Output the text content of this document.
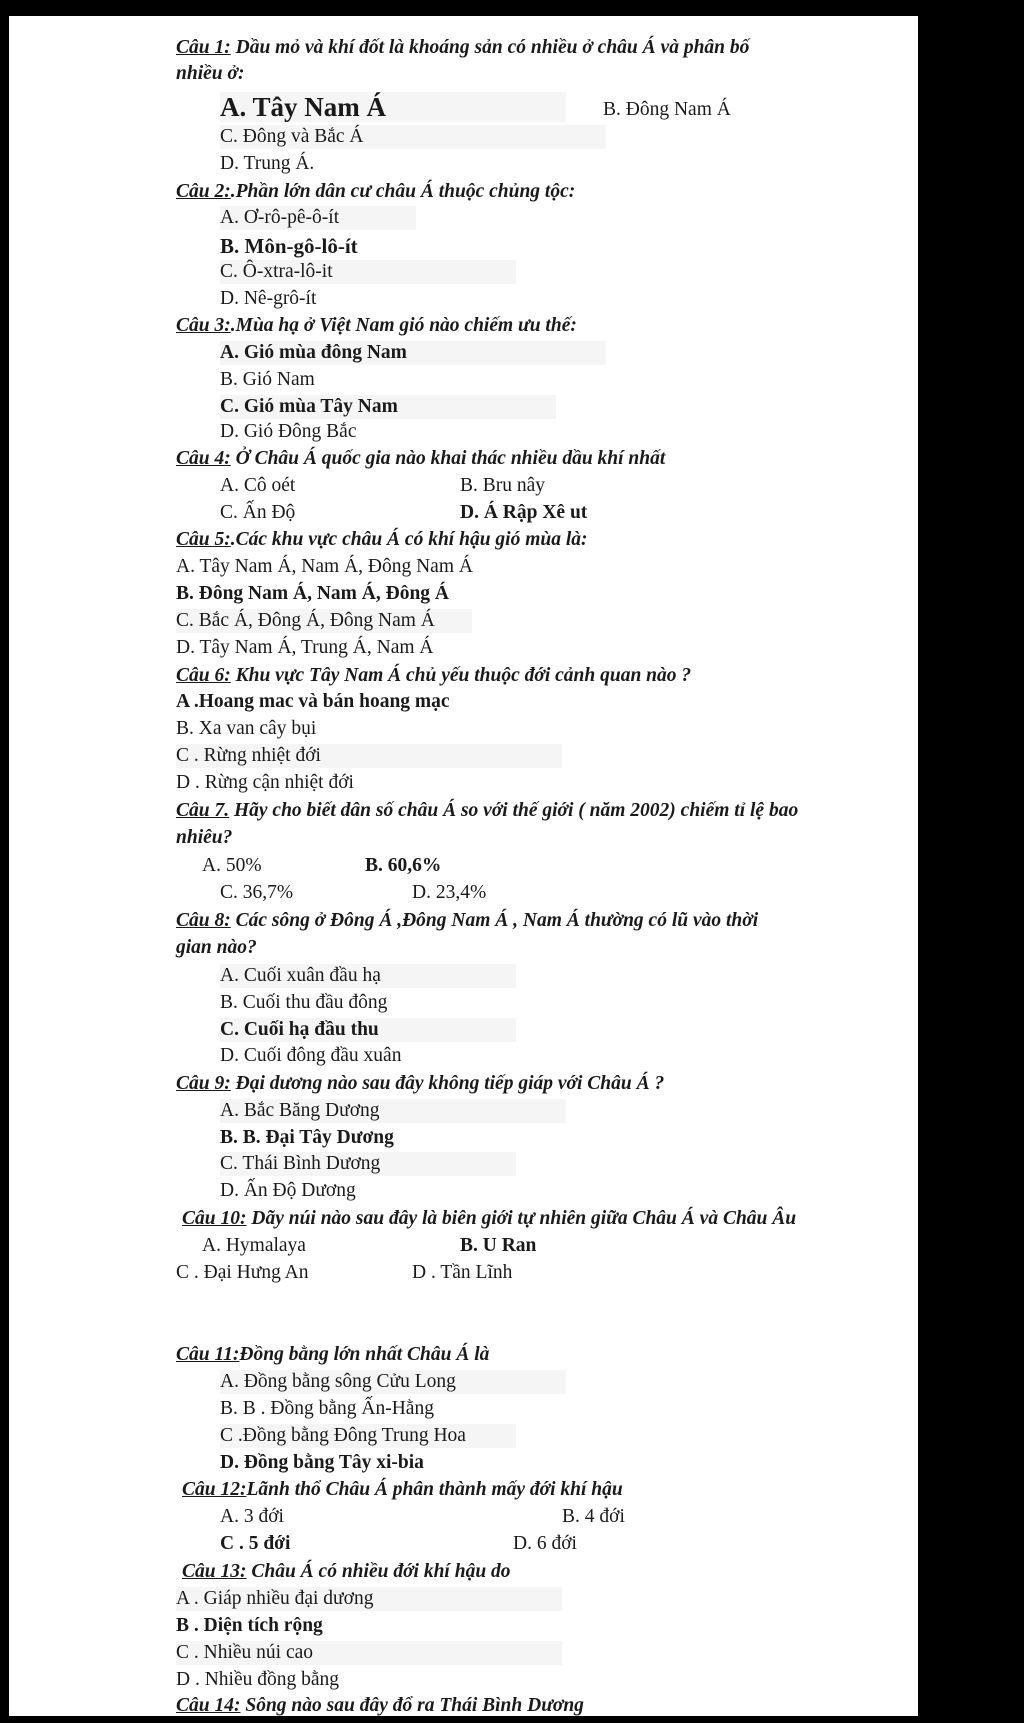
Câu 1: Dầu mỏ và khí đốt là khoáng sản có nhiều ở châu Á và phân bố
nhiều ở:
A. Tây Nam Á	B. Đông Nam Á
C. Đông và Bắc Á
D. Trung Á.
Câu 2:.Phần lớn dân cư châu Á thuộc chủng tộc:
A. Ơ-rô-pê-ô-ít
B. Môn-gô-lô-ít
C. Ô-xtra-lô-it
D. Nê-grô-ít
Câu 3:.Mùa hạ ở Việt Nam gió nào chiếm ưu thế:
A. Gió mùa đông Nam
B. Gió Nam
C. Gió mùa Tây Nam
D. Gió Đông Bắc
Câu 4: Ở Châu Á quốc gia nào khai thác nhiều dầu khí nhất
A. Cô oét	B. Bru nây
C. Ấn Độ	D. Á Rập Xê ut
Câu 5:.Các khu vực châu Á có khí hậu gió mùa là:
A. Tây Nam Á, Nam Á, Đông Nam Á
B. Đông Nam Á, Nam Á, Đông Á
C. Bắc Á, Đông Á, Đông Nam Á
D. Tây Nam Á, Trung Á, Nam Á
Câu 6: Khu vực Tây Nam Á chủ yếu thuộc đới cảnh quan nào ?
A .Hoang mac và bán hoang mạc
B. Xa van cây bụi
C . Rừng nhiệt đới
D . Rừng cận nhiệt đới
Câu 7. Hãy cho biết dân số châu Á so với thế giới ( năm 2002) chiếm tỉ lệ bao
nhiêu?
A. 50%	B. 60,6%
C. 36,7%	D. 23,4%
Câu 8: Các sông ở Đông Á ,Đông Nam Á , Nam Á thường có lũ vào thời
gian nào?
A. Cuối xuân đầu hạ
B. Cuối thu đầu đông
C. Cuối hạ đầu thu
D. Cuối đông đầu xuân
Câu 9: Đại dương nào sau đây không tiếp giáp với Châu Á ?
A. Bắc Băng Dương
B. B. Đại Tây Dương
C. Thái Bình Dương
D. Ấn Độ Dương
Câu 10: Dãy núi nào sau đây là biên giới tự nhiên giữa Châu Á và Châu Âu
A. Hymalaya	B. U Ran
C . Đại Hưng An	D . Tần Lĩnh
Câu 11:Đồng bằng lớn nhất Châu Á là
A. Đồng bằng sông Cửu Long
B. B . Đồng bằng Ấn-Hằng
C .Đồng bằng Đông Trung Hoa
D. Đồng bằng Tây xi-bia
Câu 12:Lãnh thổ Châu Á phân thành mấy đới khí hậu
A. 3 đới	B. 4 đới
C . 5 đới	D. 6 đới
Câu 13: Châu Á có nhiều đới khí hậu do
A . Giáp nhiều đại dương
B . Diện tích rộng
C . Nhiều núi cao
D . Nhiều đồng bằng
Câu 14: Sông nào sau đây đổ ra Thái Bình Dương
